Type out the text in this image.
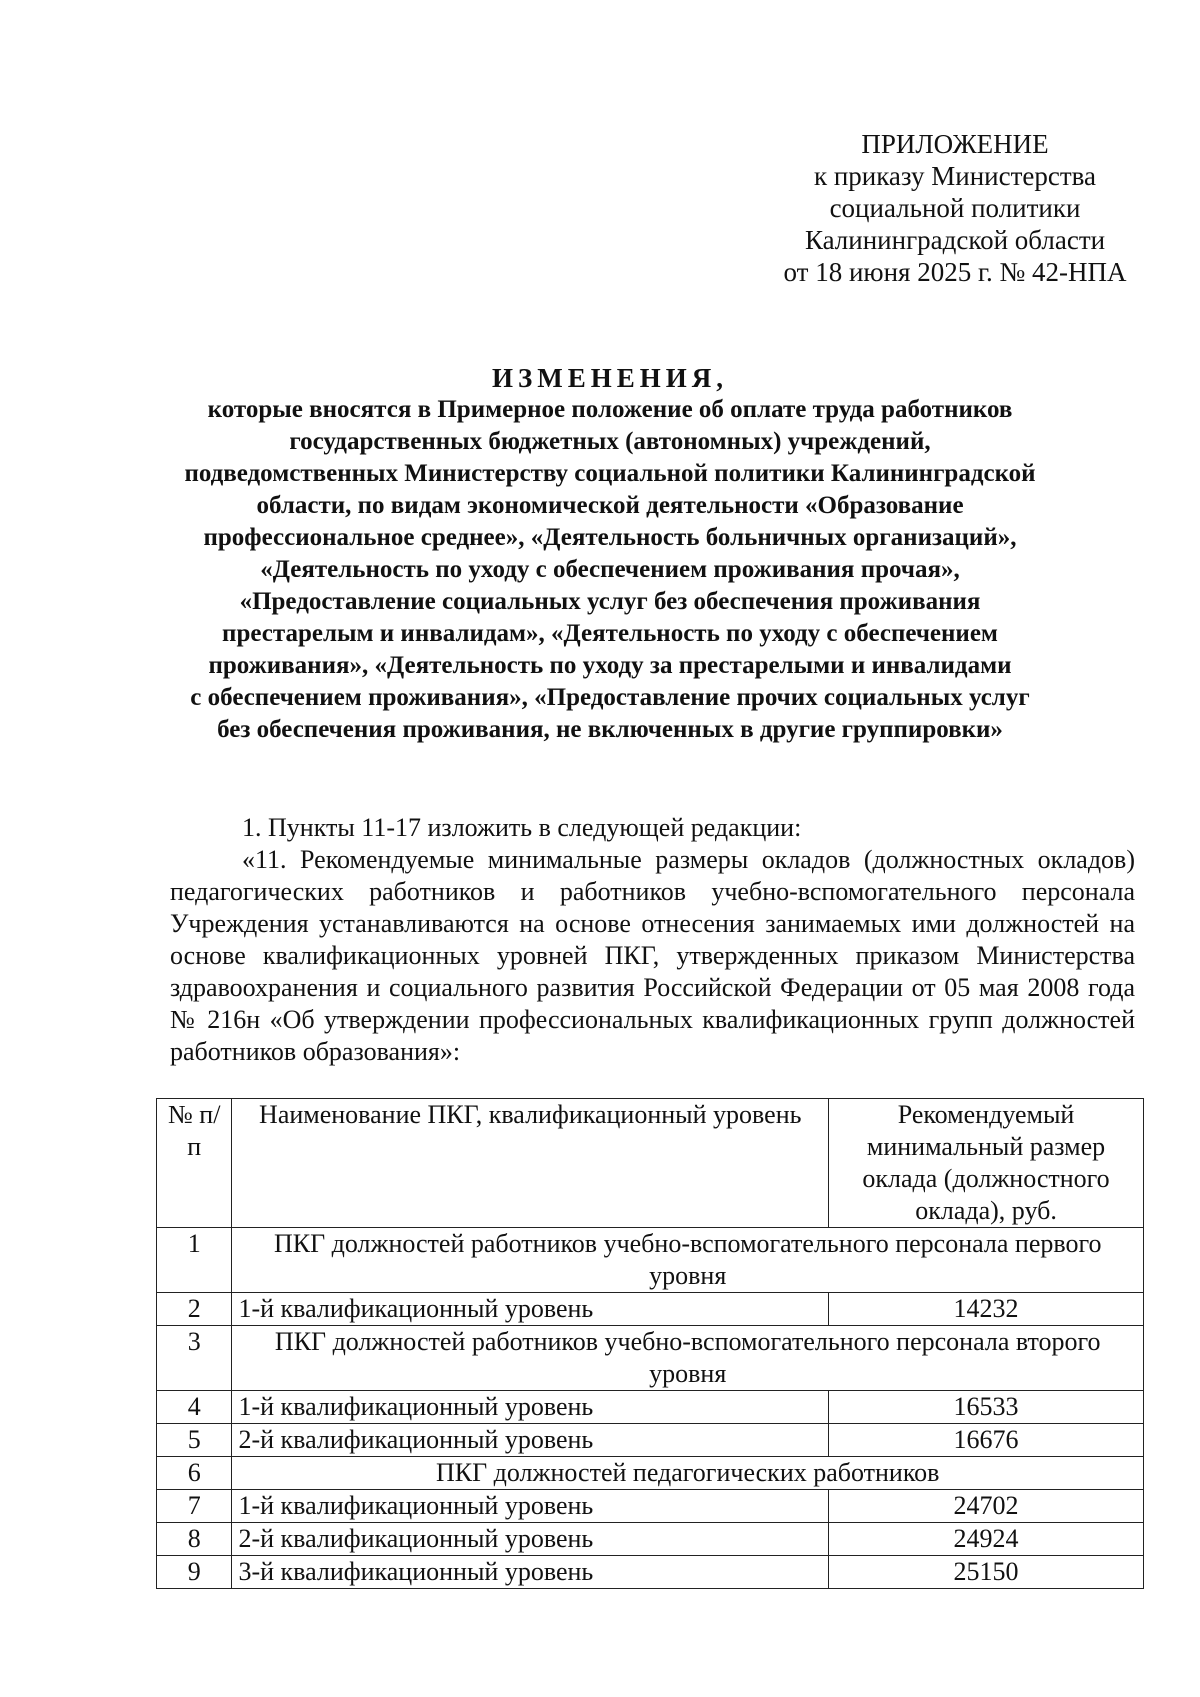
ПРИЛОЖЕНИЕ
к приказу Министерства
социальной политики
Калининградской области
от 18 июня 2025 г. № 42-НПА
ИЗМЕНЕНИЯ,
которые вносятся в Примерное положение об оплате труда работников
государственных бюджетных (автономных) учреждений,
подведомственных Министерству социальной политики Калининградской
области, по видам экономической деятельности «Образование
профессиональное среднее», «Деятельность больничных организаций»,
«Деятельность по уходу с обеспечением проживания прочая»,
«Предоставление социальных услуг без обеспечения проживания
престарелым и инвалидам», «Деятельность по уходу с обеспечением
проживания», «Деятельность по уходу за престарелыми и инвалидами
с обеспечением проживания», «Предоставление прочих социальных услуг
без обеспечения проживания, не включенных в другие группировки»

1. Пункты 11-17 изложить в следующей редакции:

«11. Рекомендуемые минимальные размеры окладов (должностных окладов) педагогических работников и работников учебно-вспомогательного персонала Учреждения устанавливаются на основе отнесения занимаемых ими должностей на основе квалификационных уровней ПКГ, утвержденных приказом Министерства здравоохранения и социального развития Российской Федерации от 05 мая 2008 года № 216н «Об утверждении профессиональных квалификационных групп должностей работников образования»:

№ п/п	Наименование ПКГ, квалификационный уровень	Рекомендуемый минимальный размер оклада (должностного оклада), руб.
1	ПКГ должностей работников учебно-вспомогательного персонала первого уровня	
2	1-й квалификационный уровень	14232
3	ПКГ должностей работников учебно-вспомогательного персонала второго уровня	
4	1-й квалификационный уровень	16533
5	2-й квалификационный уровень	16676
6	ПКГ должностей педагогических работников	
7	1-й квалификационный уровень	24702
8	2-й квалификационный уровень	24924
9	3-й квалификационный уровень	25150
